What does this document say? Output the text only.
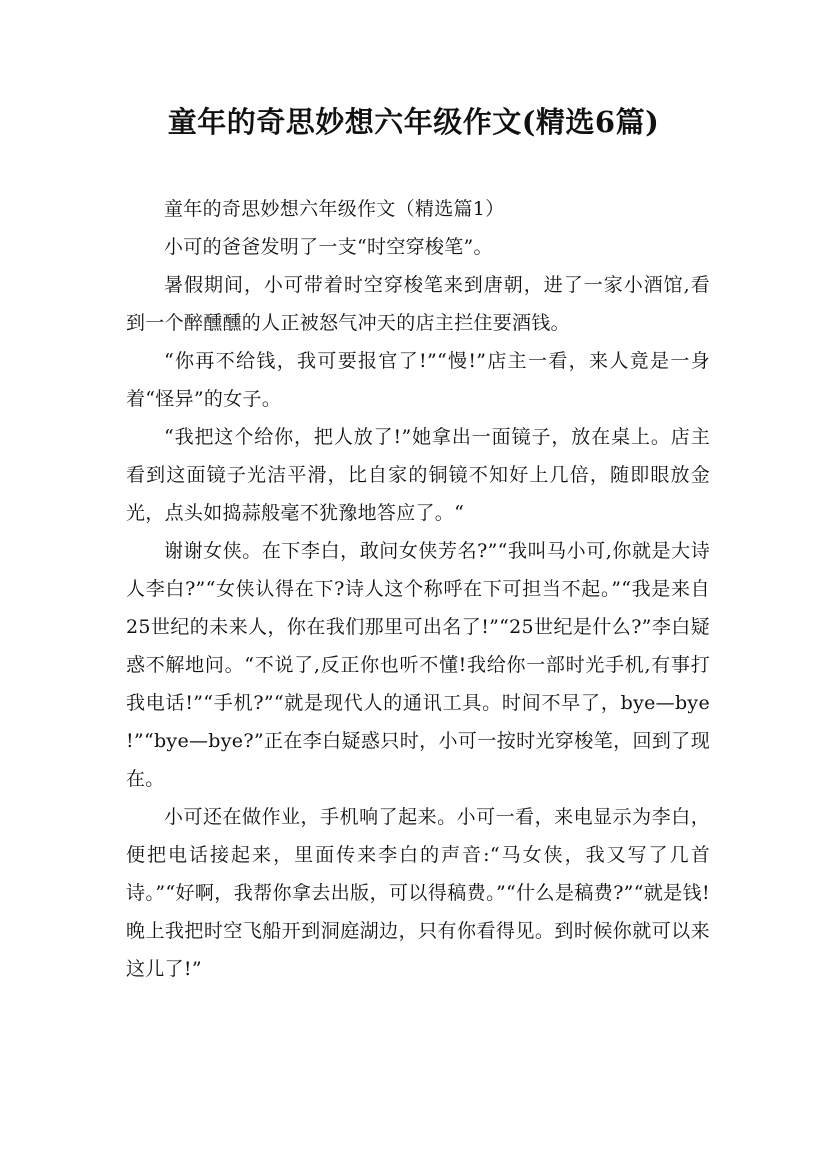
童年的奇思妙想六年级作文(精选6篇)

童年的奇思妙想六年级作文（精选篇1）

小可的爸爸发明了一支“时空穿梭笔”。

暑假期间，小可带着时空穿梭笔来到唐朝，进了一家小酒馆,看到一个醉醺醺的人正被怒气冲天的店主拦住要酒钱。

“你再不给钱，我可要报官了!”“慢!”店主一看，来人竟是一身着“怪异”的女子。

“我把这个给你，把人放了!”她拿出一面镜子，放在桌上。店主看到这面镜子光洁平滑，比自家的铜镜不知好上几倍，随即眼放金光，点头如捣蒜般毫不犹豫地答应了。“

谢谢女侠。在下李白，敢问女侠芳名?”“我叫马小可,你就是大诗人李白?”“女侠认得在下?诗人这个称呼在下可担当不起。”“我是来自25世纪的未来人，你在我们那里可出名了!”“25世纪是什么?”李白疑惑不解地问。“不说了,反正你也听不懂!我给你一部时光手机,有事打我电话!”“手机?”“就是现代人的通讯工具。时间不早了，bye—bye !”“bye—bye?”正在李白疑惑只时，小可一按时光穿梭笔，回到了现在。

小可还在做作业，手机响了起来。小可一看，来电显示为李白，便把电话接起来，里面传来李白的声音:“马女侠，我又写了几首诗。”“好啊，我帮你拿去出版，可以得稿费。”“什么是稿费?”“就是钱!晚上我把时空飞船开到洞庭湖边，只有你看得见。到时候你就可以来这儿了!”
